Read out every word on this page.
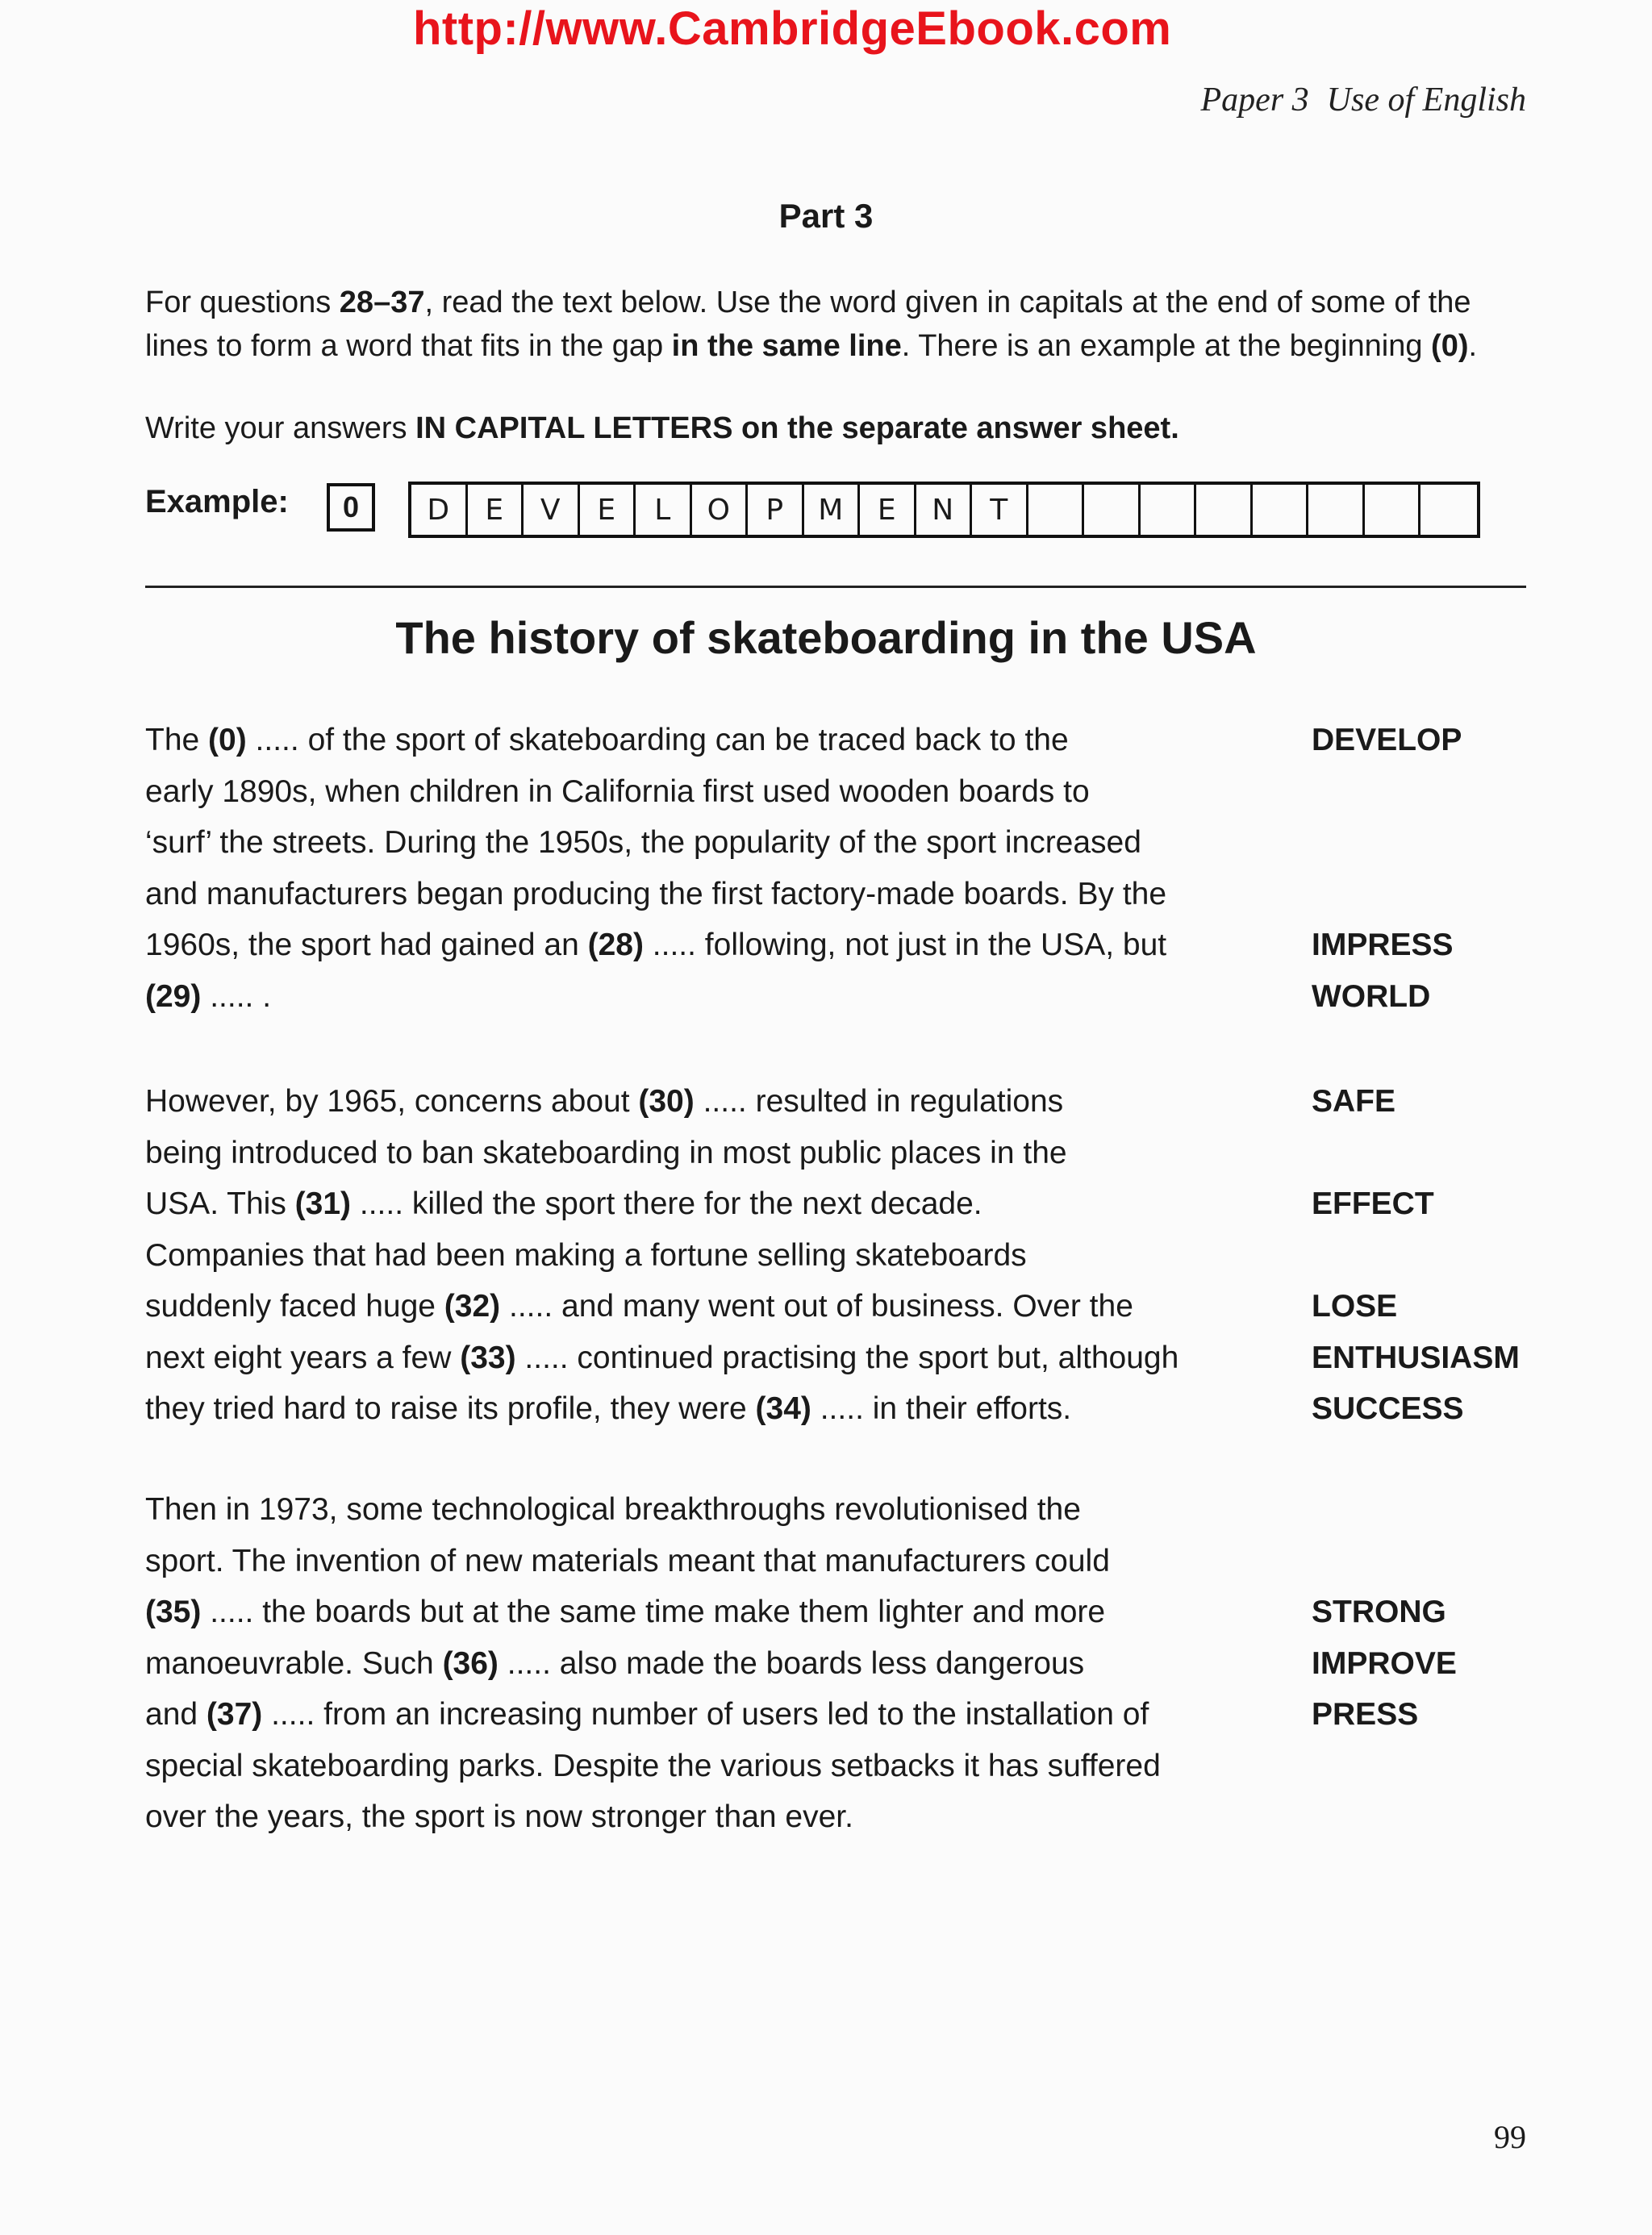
http://www.CambridgeEbook.com
Paper 3 Use of English
Part 3
For questions 28–37, read the text below. Use the word given in capitals at the end of some of the lines to form a word that fits in the gap in the same line. There is an example at the beginning (0).
Write your answers IN CAPITAL LETTERS on the separate answer sheet.
Example:	0	D	E	V	E	L	O	P	M	E	N	T
The history of skateboarding in the USA
The (0) ..... of the sport of skateboarding can be traced back to the
early 1890s, when children in California first used wooden boards to
‘surf’ the streets. During the 1950s, the popularity of the sport increased
and manufacturers began producing the first factory-made boards. By the
1960s, the sport had gained an (28) ..... following, not just in the USA, but
(29) ..... .
DEVELOP
IMPRESS
WORLD
However, by 1965, concerns about (30) ..... resulted in regulations
being introduced to ban skateboarding in most public places in the
USA. This (31) ..... killed the sport there for the next decade.
Companies that had been making a fortune selling skateboards
suddenly faced huge (32) ..... and many went out of business. Over the
next eight years a few (33) ..... continued practising the sport but, although
they tried hard to raise its profile, they were (34) ..... in their efforts.
SAFE
EFFECT
LOSE
ENTHUSIASM
SUCCESS
Then in 1973, some technological breakthroughs revolutionised the
sport. The invention of new materials meant that manufacturers could
(35) ..... the boards but at the same time make them lighter and more
manoeuvrable. Such (36) ..... also made the boards less dangerous
and (37) ..... from an increasing number of users led to the installation of
special skateboarding parks. Despite the various setbacks it has suffered
over the years, the sport is now stronger than ever.
STRONG
IMPROVE
PRESS
99
